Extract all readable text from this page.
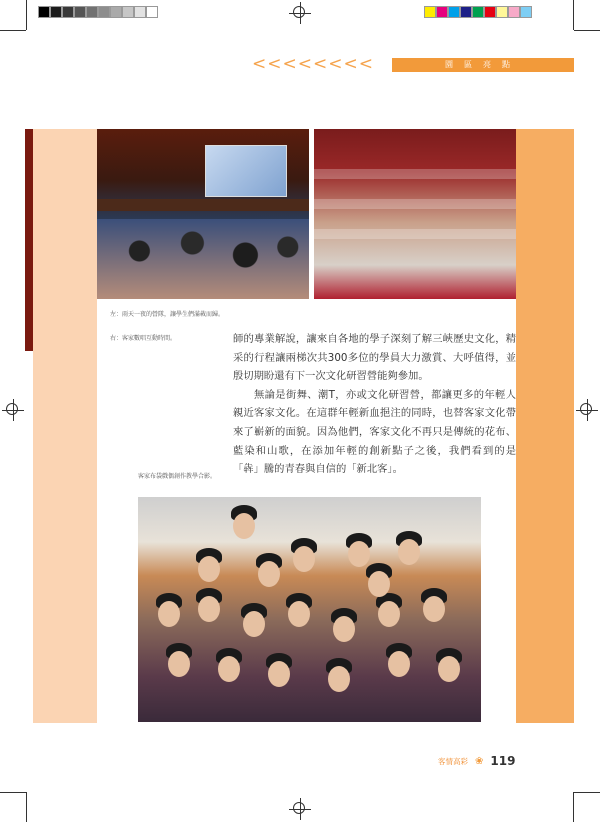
< < < < < < < <	園區亮點
左：雨天一夜的營隊，讓學生們滿載而歸。
右：客家數唱互動時間。	師的專業解說，讓來自各地的學子深刻了解三峽歷史文化，精采的行程讓兩梯次共300多位的學員大力激賞、大呼值得，並殷切期盼還有下一次文化研習營能夠參加。

無論是街舞、潮T，亦或文化研習營，都讓更多的年輕人親近客家文化。在這群年輕新血挹注的同時，也替客家文化帶來了嶄新的面貌。因為他們，客家文化不再只是傳統的花布、藍染和山歌，在添加年輕的創新點子之後，我們看到的是「犇」騰的青春與自信的「新北客」。

客家布袋戲偶創作教學合影。
客情高彩 ❀ 119
